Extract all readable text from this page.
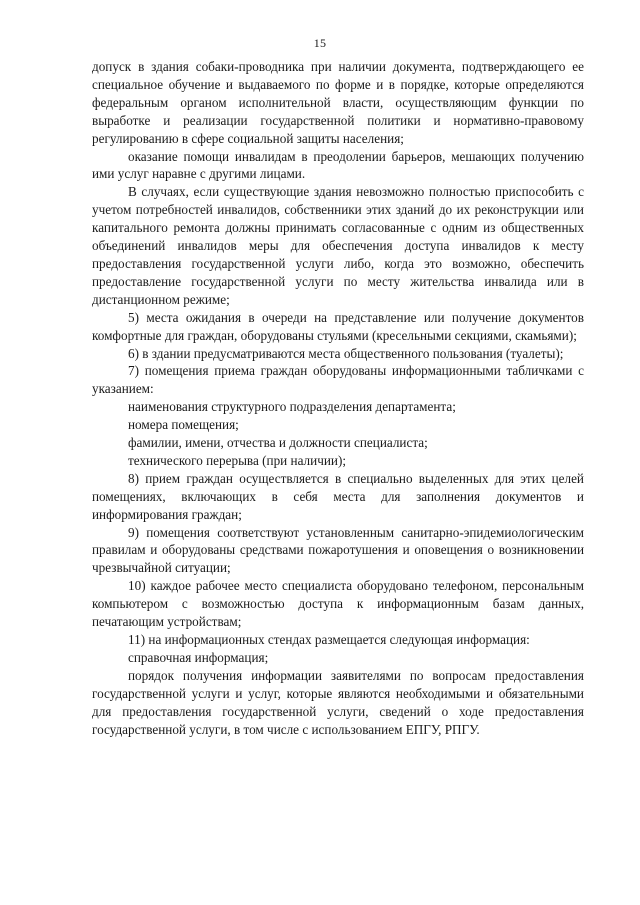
15

допуск в здания собаки-проводника при наличии документа, подтверждающего ее специальное обучение и выдаваемого по форме и в порядке, которые определяются федеральным органом исполнительной власти, осуществляющим функции по выработке и реализации государственной политики и нормативно-правовому регулированию в сфере социальной защиты населения;

оказание помощи инвалидам в преодолении барьеров, мешающих получению ими услуг наравне с другими лицами.

В случаях, если существующие здания невозможно полностью приспособить с учетом потребностей инвалидов, собственники этих зданий до их реконструкции или капитального ремонта должны принимать согласованные с одним из общественных объединений инвалидов меры для обеспечения доступа инвалидов к месту предоставления государственной услуги либо, когда это возможно, обеспечить предоставление государственной услуги по месту жительства инвалида или в дистанционном режиме;

5) места ожидания в очереди на представление или получение документов комфортные для граждан, оборудованы стульями (кресельными секциями, скамьями);

6) в здании предусматриваются места общественного пользования (туалеты);

7) помещения приема граждан оборудованы информационными табличками с указанием:

наименования структурного подразделения департамента;

номера помещения;

фамилии, имени, отчества и должности специалиста;

технического перерыва (при наличии);

8) прием граждан осуществляется в специально выделенных для этих целей помещениях, включающих в себя места для заполнения документов и информирования граждан;

9) помещения соответствуют установленным санитарно-эпидемиологическим правилам и оборудованы средствами пожаротушения и оповещения о возникновении чрезвычайной ситуации;

10) каждое рабочее место специалиста оборудовано телефоном, персональным компьютером с возможностью доступа к информационным базам данных, печатающим устройствам;

11) на информационных стендах размещается следующая информация:

справочная информация;

порядок получения информации заявителями по вопросам предоставления государственной услуги и услуг, которые являются необходимыми и обязательными для предоставления государственной услуги, сведений о ходе предоставления государственной услуги, в том числе с использованием ЕПГУ, РПГУ.
